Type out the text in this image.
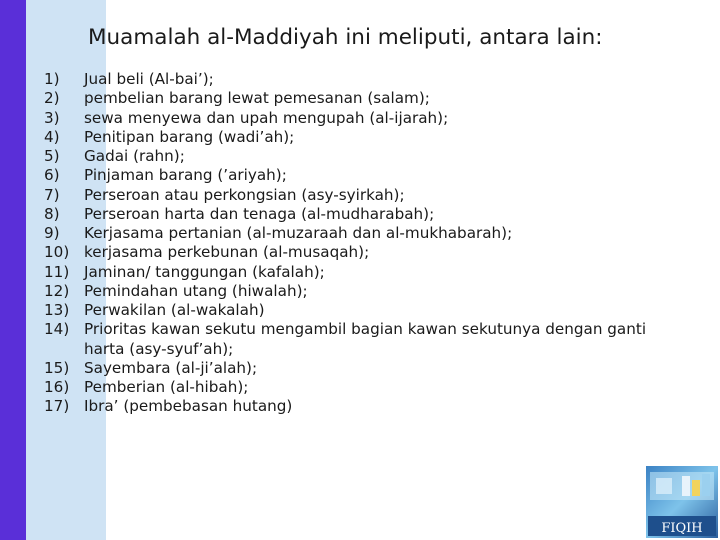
Muamalah al-Maddiyah ini meliputi, antara lain:
1)	Jual beli (Al-bai’);
2)	pembelian barang lewat pemesanan (salam);
3)	sewa menyewa dan upah mengupah (al-ijarah);
4)	Penitipan barang (wadi’ah);
5)	Gadai (rahn);
6)	Pinjaman barang (’ariyah);
7)	Perseroan atau perkongsian (asy-syirkah);
8)	Perseroan harta dan tenaga (al-mudharabah);
9)	Kerjasama pertanian (al-muzaraah dan al-mukhabarah);
10) kerjasama perkebunan (al-musaqah);
11) Jaminan/ tanggungan (kafalah);
12) Pemindahan utang (hiwalah);
13) Perwakilan (al-wakalah)
14) Prioritas kawan sekutu mengambil bagian kawan sekutunya dengan ganti harta (asy-syuf’ah);
15) Sayembara (al-ji’alah);
16) Pemberian (al-hibah);
17) Ibra’ (pembebasan hutang)
FIQIH
